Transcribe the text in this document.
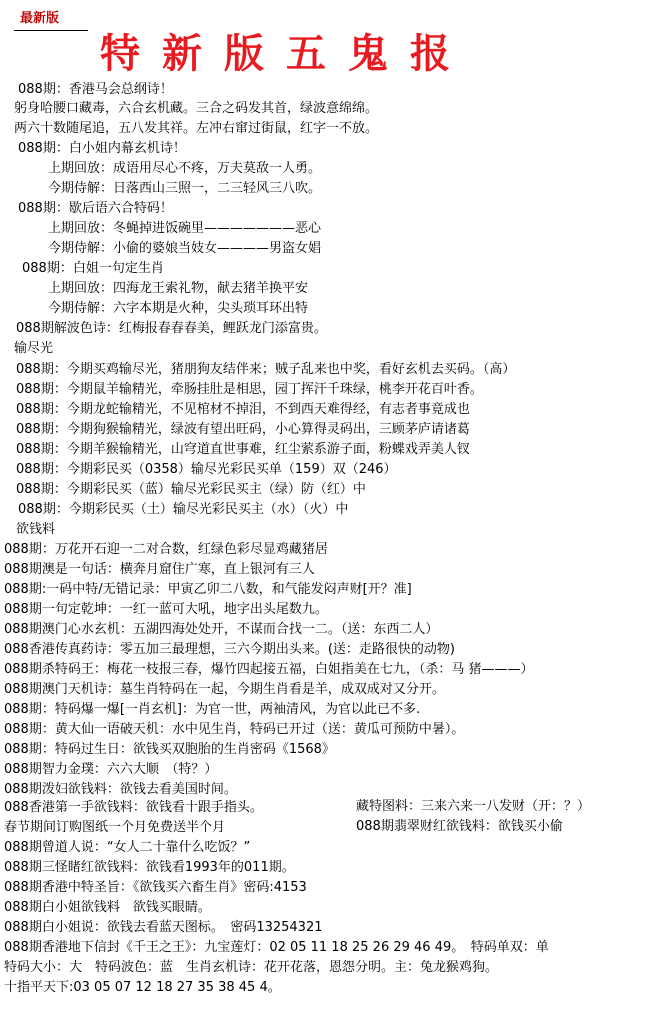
最新版
特新版五鬼报
088期：香港马会总纲诗！
躬身哈腰口藏毒，六合玄机藏。三合之码发其首，绿波意绵绵。
两六十数随尾追，五八发其祥。左冲右窜过街鼠，红字一不放。
088期：白小姐内幕玄机诗！
上期回放：成语用尽心不疼，万夫莫敌一人勇。
今期侍解：日落西山三照一，二三轻风三八吹。
088期：歇后语六合特码！
上期回放：冬蝇掉进饭碗里———————恶心
今期侍解：小偷的婆娘当妓女————男盗女娼
088期：白姐一句定生肖
上期回放：四海龙王索礼物，献去猪羊换平安
今期侍解：六字本期是火种，尖头琐耳环出特
088期解波色诗：红梅报春春春美，鲤跃龙门添富贵。
输尽光
088期：今期买鸡输尽光，猪朋狗友结伴来；贼子乱来也中奖，看好玄机去买码。（高）
088期：今期鼠羊输精光，牵肠挂肚是相思，园丁挥汗千珠绿，桃李开花百叶香。
088期：今期龙蛇输精光，不见棺材不掉泪，不到西天难得经，有志者事竟成也
088期：今期狗猴输精光，绿波有望出旺码，小心算得灵码出，三顾茅庐请诸葛
088期：今期羊猴输精光，山穹道直世事难，红尘萦系游子面，粉蝶戏弄美人钗
088期：今期彩民买（0358）输尽光彩民买单（159）双（246）
088期：今期彩民买（蓝）输尽光彩民买主（绿）防（红）中
088期：今期彩民买（土）输尽光彩民买主（水）（火）中
欲钱料
088期：万花开石迎一二对合数，红绿色彩尽显鸡藏猪居
088期澳是一句话：横奔月窟住广寒，直上银河有三人
088期:一码中特/无错记录：甲寅乙卯二八数，和气能发闷声财[开？准]
088期一句定乾坤：一红一蓝可大吼，地字出头尾数九。
088期澳门心水玄机：五湖四海处处开，不谋而合找一二。（送：东西二人）
088香港传真药诗：零五加三最理想，三六今期出头来。(送：走路很快的动物)
088期杀特码王：梅花一枝报三春，爆竹四起接五福，白姐指美在七九，（杀：马 猪———）
088期澳门天机诗：墓生肖特码在一起，今期生肖看是羊，成双成对又分开。
088期：特码爆一爆[一肖玄机]：为官一世，两袖清风，为官以此已不多.
088期：黄大仙一语破天机：水中见生肖，特码已开过（送：黄瓜可预防中暑）。
088期：特码过生日：欲钱买双胞胎的生肖密码《1568》
088期智力金璞：六六大顺　（特？）
088期泼妇欲钱料：欲钱去看美国时间。
088香港第一手欲钱料：欲钱看十跟手指头。
春节期间订购图纸一个月免费送半个月
088期曾道人说：“女人二十靠什么吃饭？”
088期三怪睹红欲钱料：欲钱看1993年的011期。
088期香港中特圣旨：《欲钱买六畜生肖》密码:4153
088期白小姐欲钱料　欲钱买眼睛。
088期白小姐说：欲钱去看蓝天图标。　密码13254321
088期香港地下信封《千王之王》：九宝莲灯：02 05 11 18 25 26 29 46 49。　特码单双：单
特码大小：大　特码波色：蓝　生肖玄机诗：花开花落，恩怨分明。主：兔龙猴鸡狗。
十指平天下:03 05 07 12 18 27 35 38 45 4。
藏特图料：三来六来一八发财（开：？）
088期翡翠财红欲钱料：欲钱买小偷
